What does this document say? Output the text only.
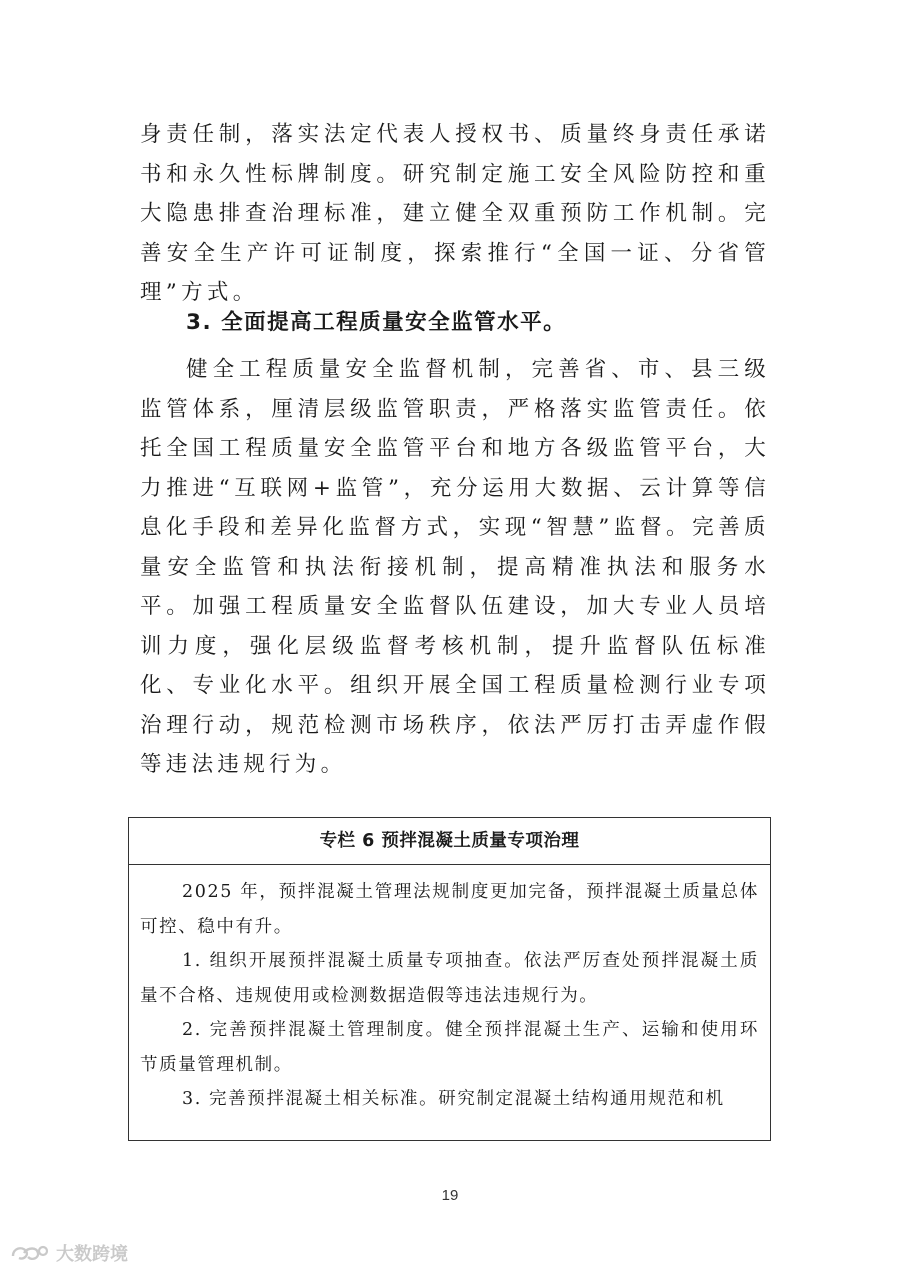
身责任制，落实法定代表人授权书、质量终身责任承诺书和永久性标牌制度。研究制定施工安全风险防控和重大隐患排查治理标准，建立健全双重预防工作机制。完善安全生产许可证制度，探索推行“全国一证、分省管理”方式。
3. 全面提高工程质量安全监管水平。
健全工程质量安全监督机制，完善省、市、县三级监管体系，厘清层级监管职责，严格落实监管责任。依托全国工程质量安全监管平台和地方各级监管平台，大力推进“互联网+监管”，充分运用大数据、云计算等信息化手段和差异化监督方式，实现“智慧”监督。完善质量安全监管和执法衔接机制，提高精准执法和服务水平。加强工程质量安全监督队伍建设，加大专业人员培训力度，强化层级监督考核机制，提升监督队伍标准化、专业化水平。组织开展全国工程质量检测行业专项治理行动，规范检测市场秩序，依法严厉打击弄虚作假等违法违规行为。
专栏 6 预拌混凝土质量专项治理

2025 年，预拌混凝土管理法规制度更加完备，预拌混凝土质量总体可控、稳中有升。

1. 组织开展预拌混凝土质量专项抽查。依法严厉查处预拌混凝土质量不合格、违规使用或检测数据造假等违法违规行为。

2. 完善预拌混凝土管理制度。健全预拌混凝土生产、运输和使用环节质量管理机制。

3. 完善预拌混凝土相关标准。研究制定混凝土结构通用规范和机

19
大数跨境
